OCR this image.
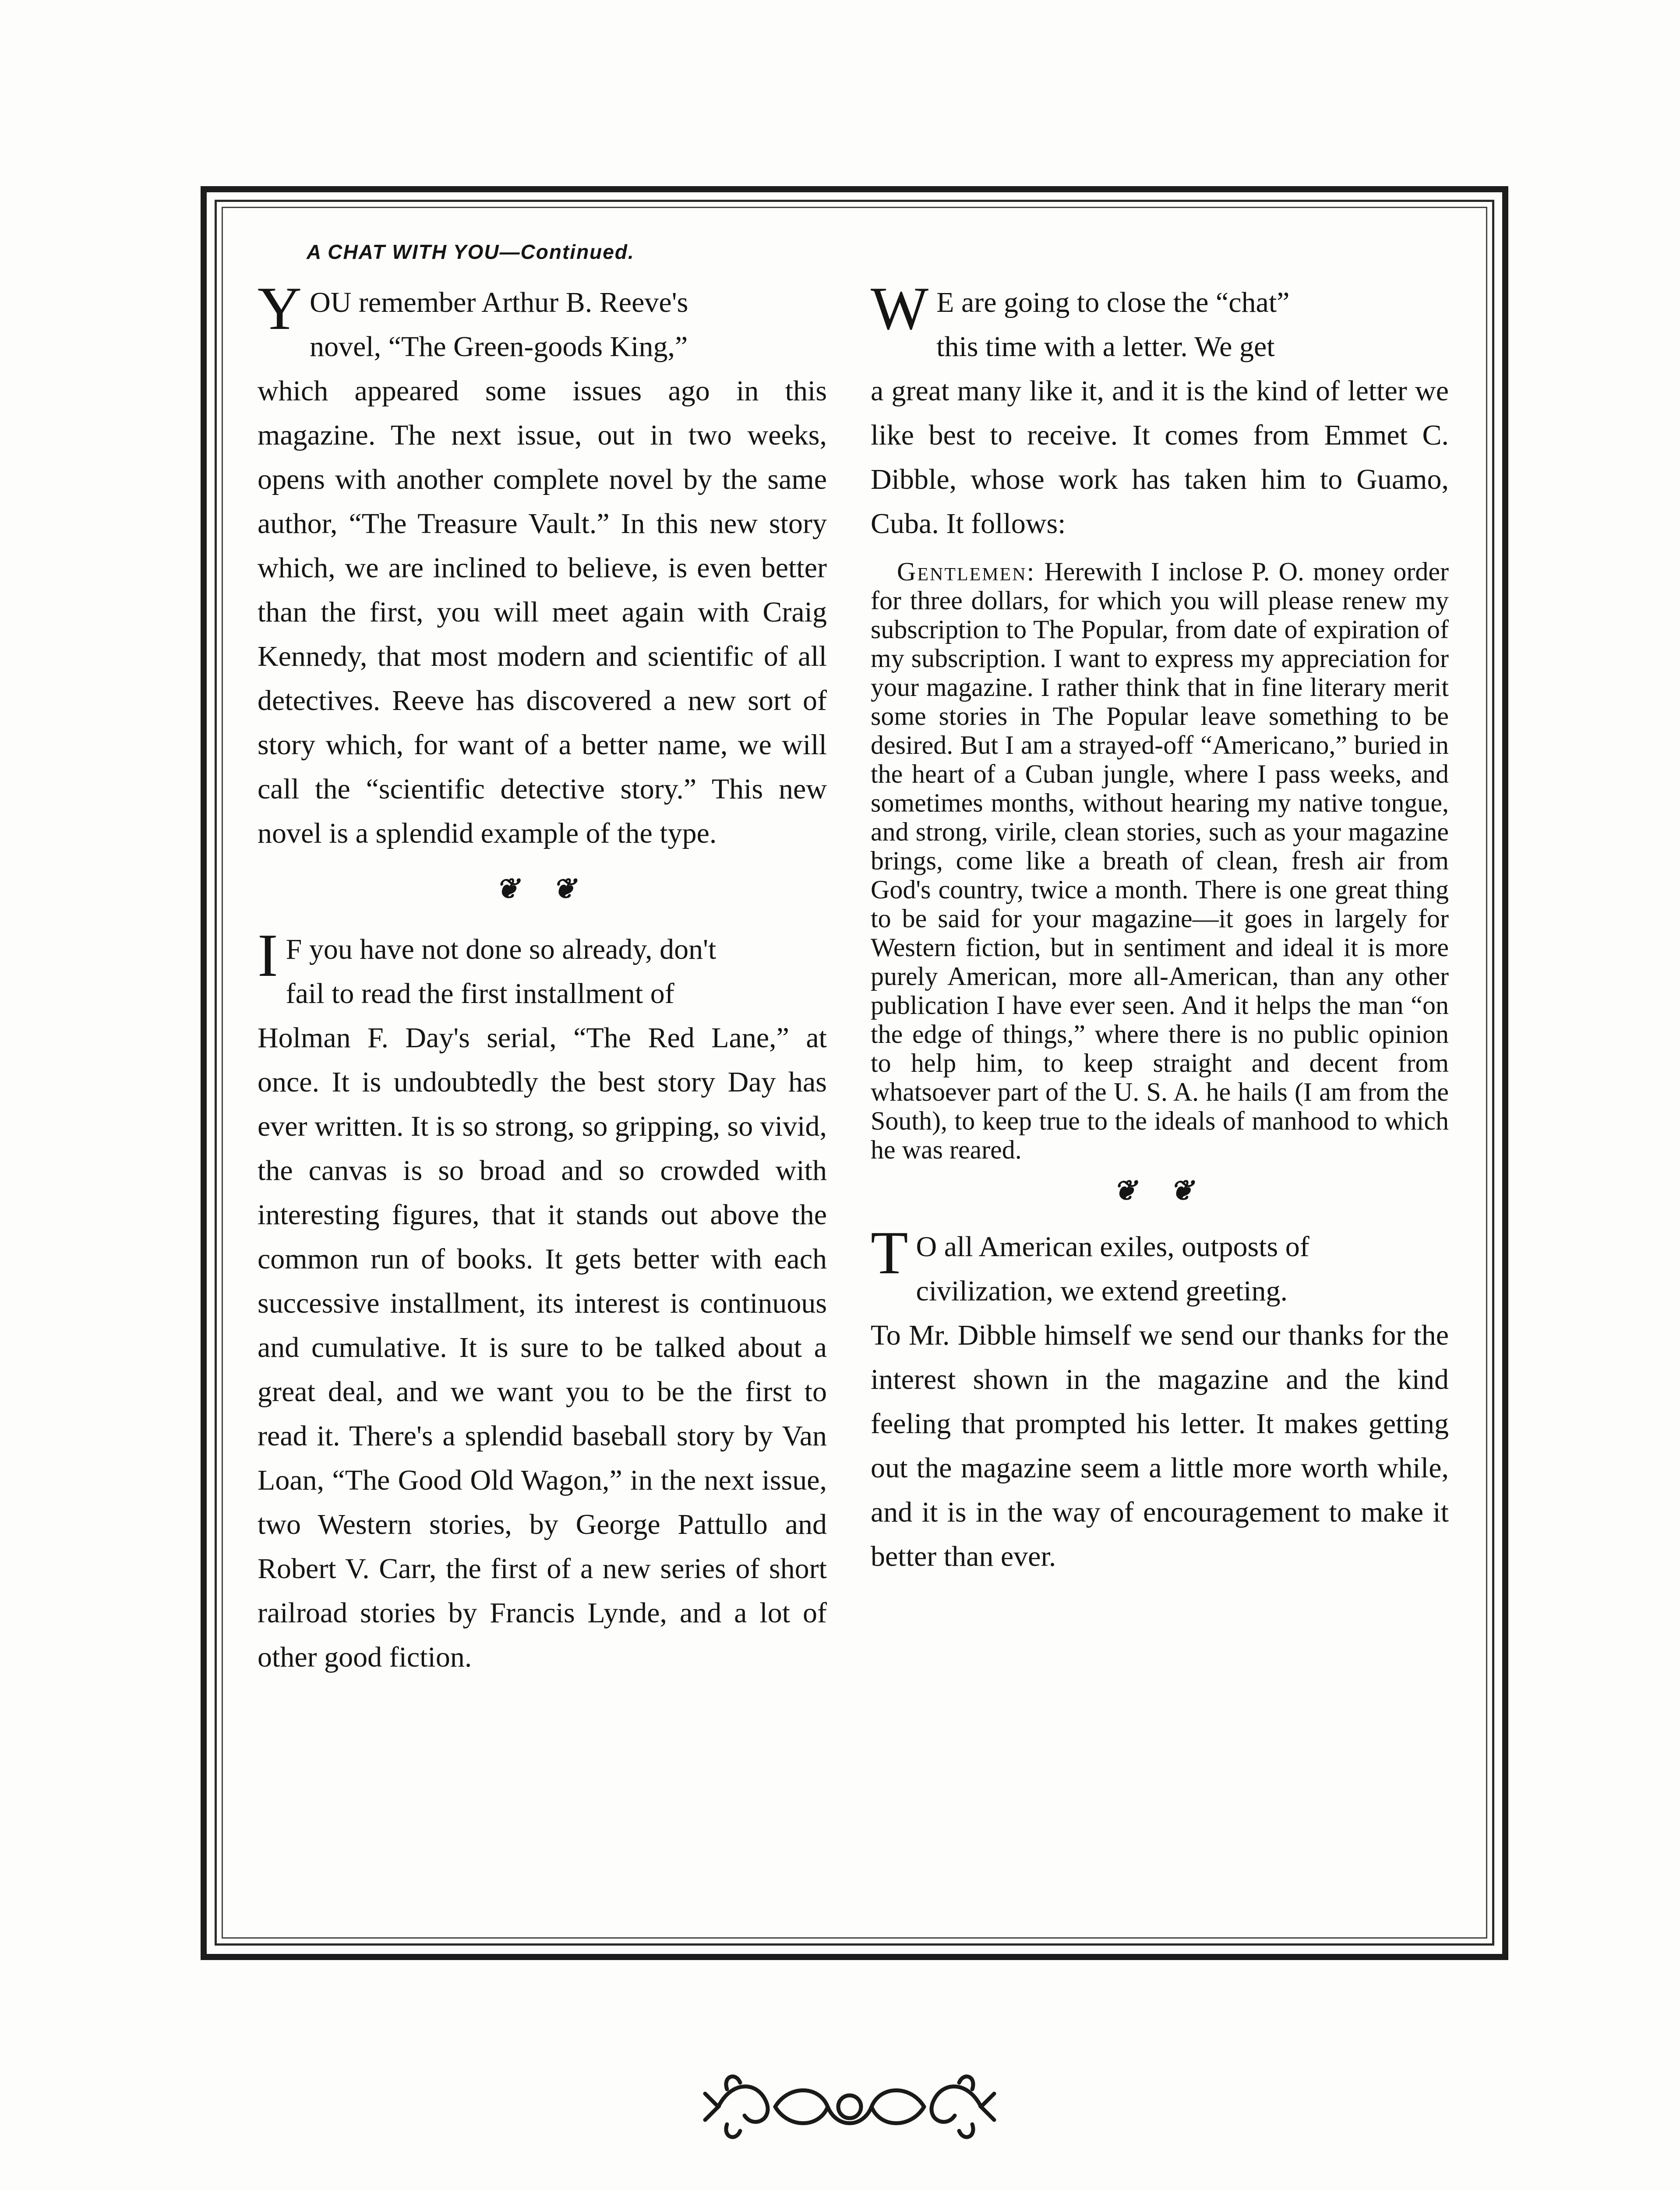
A CHAT WITH YOU—Continued.
Y OU remember Arthur B. Reeve's
novel, “The Green-goods King,”
which appeared some issues ago in this magazine. The next issue, out in two weeks, opens with another complete novel by the same author, “The Treasure Vault.” In this new story which, we are inclined to believe, is even better than the first, you will meet again with Craig Kennedy, that most modern and scientific of all detectives. Reeve has discovered a new sort of story which, for want of a better name, we will call the “scientific detective story.” This new novel is a splendid example of the type.
❦ ❦
I F you have not done so already, don't
fail to read the first installment of
Holman F. Day's serial, “The Red Lane,” at once. It is undoubtedly the best story Day has ever written. It is so strong, so gripping, so vivid, the canvas is so broad and so crowded with interesting figures, that it stands out above the common run of books. It gets better with each successive installment, its interest is continuous and cumulative. It is sure to be talked about a great deal, and we want you to be the first to read it. There's a splendid baseball story by Van Loan, “The Good Old Wagon,” in the next issue, two Western stories, by George Pattullo and Robert V. Carr, the first of a new series of short railroad stories by Francis Lynde, and a lot of other good fiction.
W E are going to close the “chat”
this time with a letter. We get
a great many like it, and it is the kind of letter we like best to receive. It comes from Emmet C. Dibble, whose work has taken him to Guamo, Cuba. It follows:
Gentlemen: Herewith I inclose P. O. money order for three dollars, for which you will please renew my subscription to The Popular, from date of expiration of my subscription. I want to express my appreciation for your magazine. I rather think that in fine literary merit some stories in The Popular leave something to be desired. But I am a strayed-off “Americano,” buried in the heart of a Cuban jungle, where I pass weeks, and sometimes months, without hearing my native tongue, and strong, virile, clean stories, such as your magazine brings, come like a breath of clean, fresh air from God's country, twice a month. There is one great thing to be said for your magazine—it goes in largely for Western fiction, but in sentiment and ideal it is more purely American, more all-American, than any other publication I have ever seen. And it helps the man “on the edge of things,” where there is no public opinion to help him, to keep straight and decent from whatsoever part of the U. S. A. he hails (I am from the South), to keep true to the ideals of manhood to which he was reared.
❦ ❦
T O all American exiles, outposts of
civilization, we extend greeting.
To Mr. Dibble himself we send our thanks for the interest shown in the magazine and the kind feeling that prompted his letter. It makes getting out the magazine seem a little more worth while, and it is in the way of encouragement to make it better than ever.
